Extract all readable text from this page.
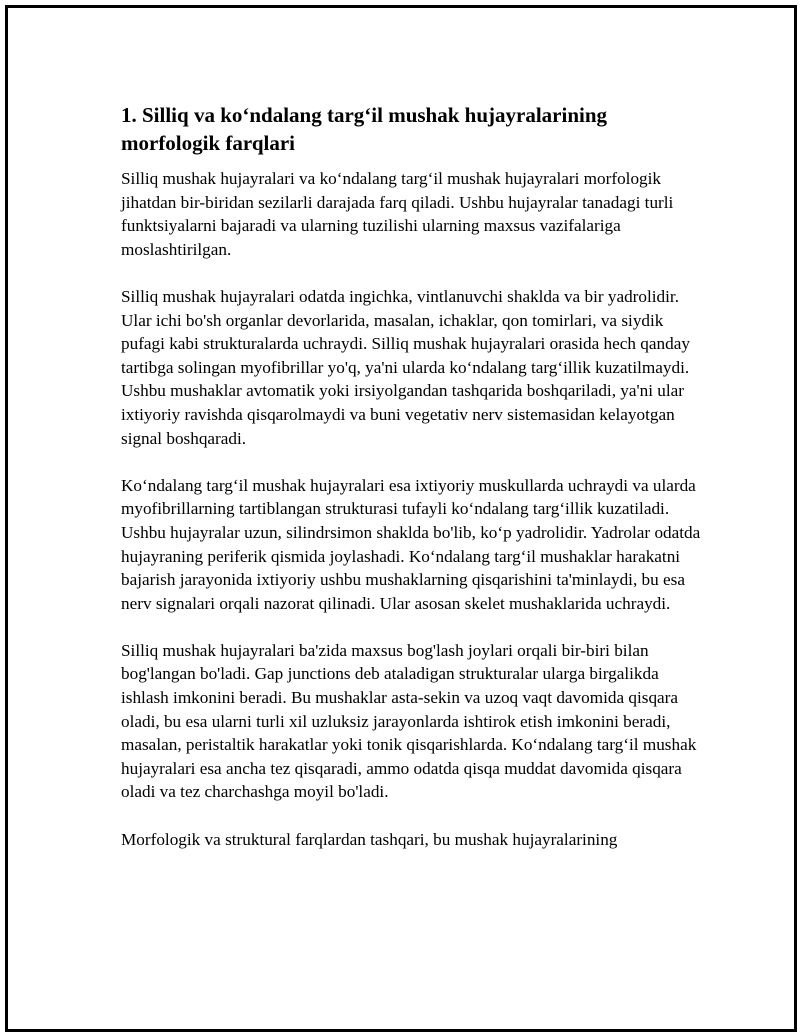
1. Silliq va ko‘ndalang targ‘il mushak hujayralarining morfologik farqlari

Silliq mushak hujayralari va ko‘ndalang targ‘il mushak hujayralari morfologik jihatdan bir-biridan sezilarli darajada farq qiladi. Ushbu hujayralar tanadagi turli funktsiyalarni bajaradi va ularning tuzilishi ularning maxsus vazifalariga moslashtirilgan.

Silliq mushak hujayralari odatda ingichka, vintlanuvchi shaklda va bir yadrolidir. Ular ichi bo'sh organlar devorlarida, masalan, ichaklar, qon tomirlari, va siydik pufagi kabi strukturalarda uchraydi. Silliq mushak hujayralari orasida hech qanday tartibga solingan myofibrillar yo'q, ya'ni ularda ko‘ndalang targ‘illik kuzatilmaydi. Ushbu mushaklar avtomatik yoki irsiyolgandan tashqarida boshqariladi, ya'ni ular ixtiyoriy ravishda qisqarolmaydi va buni vegetativ nerv sistemasidan kelayotgan signal boshqaradi.

Ko‘ndalang targ‘il mushak hujayralari esa ixtiyoriy muskullarda uchraydi va ularda myofibrillarning tartiblangan strukturasi tufayli ko‘ndalang targ‘illik kuzatiladi. Ushbu hujayralar uzun, silindrsimon shaklda bo'lib, ko‘p yadrolidir. Yadrolar odatda hujayraning periferik qismida joylashadi. Ko‘ndalang targ‘il mushaklar harakatni bajarish jarayonida ixtiyoriy ushbu mushaklarning qisqarishini ta'minlaydi, bu esa nerv signalari orqali nazorat qilinadi. Ular asosan skelet mushaklarida uchraydi.

Silliq mushak hujayralari ba'zida maxsus bog'lash joylari orqali bir-biri bilan bog'langan bo'ladi. Gap junctions deb ataladigan strukturalar ularga birgalikda ishlash imkonini beradi. Bu mushaklar asta-sekin va uzoq vaqt davomida qisqara oladi, bu esa ularni turli xil uzluksiz jarayonlarda ishtirok etish imkonini beradi, masalan, peristaltik harakatlar yoki tonik qisqarishlarda. Ko‘ndalang targ‘il mushak hujayralari esa ancha tez qisqaradi, ammo odatda qisqa muddat davomida qisqara oladi va tez charchashga moyil bo'ladi.

Morfologik va struktural farqlardan tashqari, bu mushak hujayralarining
